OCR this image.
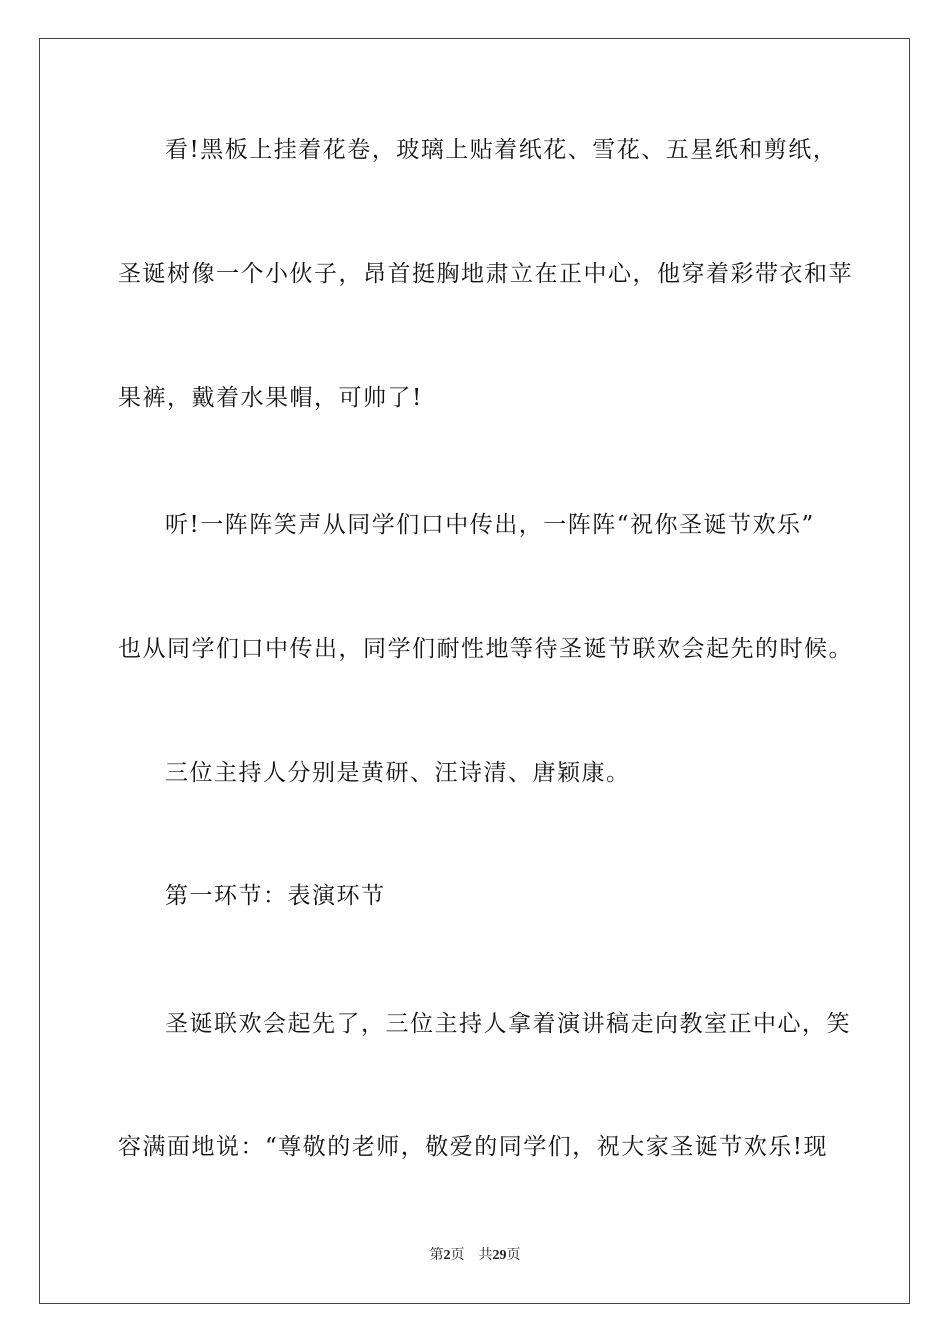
看!黑板上挂着花卷，玻璃上贴着纸花、雪花、五星纸和剪纸，
圣诞树像一个小伙子，昂首挺胸地肃立在正中心，他穿着彩带衣和苹
果裤，戴着水果帽，可帅了!
听!一阵阵笑声从同学们口中传出，一阵阵“祝你圣诞节欢乐”
也从同学们口中传出，同学们耐性地等待圣诞节联欢会起先的时候。
三位主持人分别是黄研、汪诗清、唐颖康。
第一环节：表演环节
圣诞联欢会起先了，三位主持人拿着演讲稿走向教室正中心，笑
容满面地说：“尊敬的老师，敬爱的同学们，祝大家圣诞节欢乐!现
第2页 共29页
